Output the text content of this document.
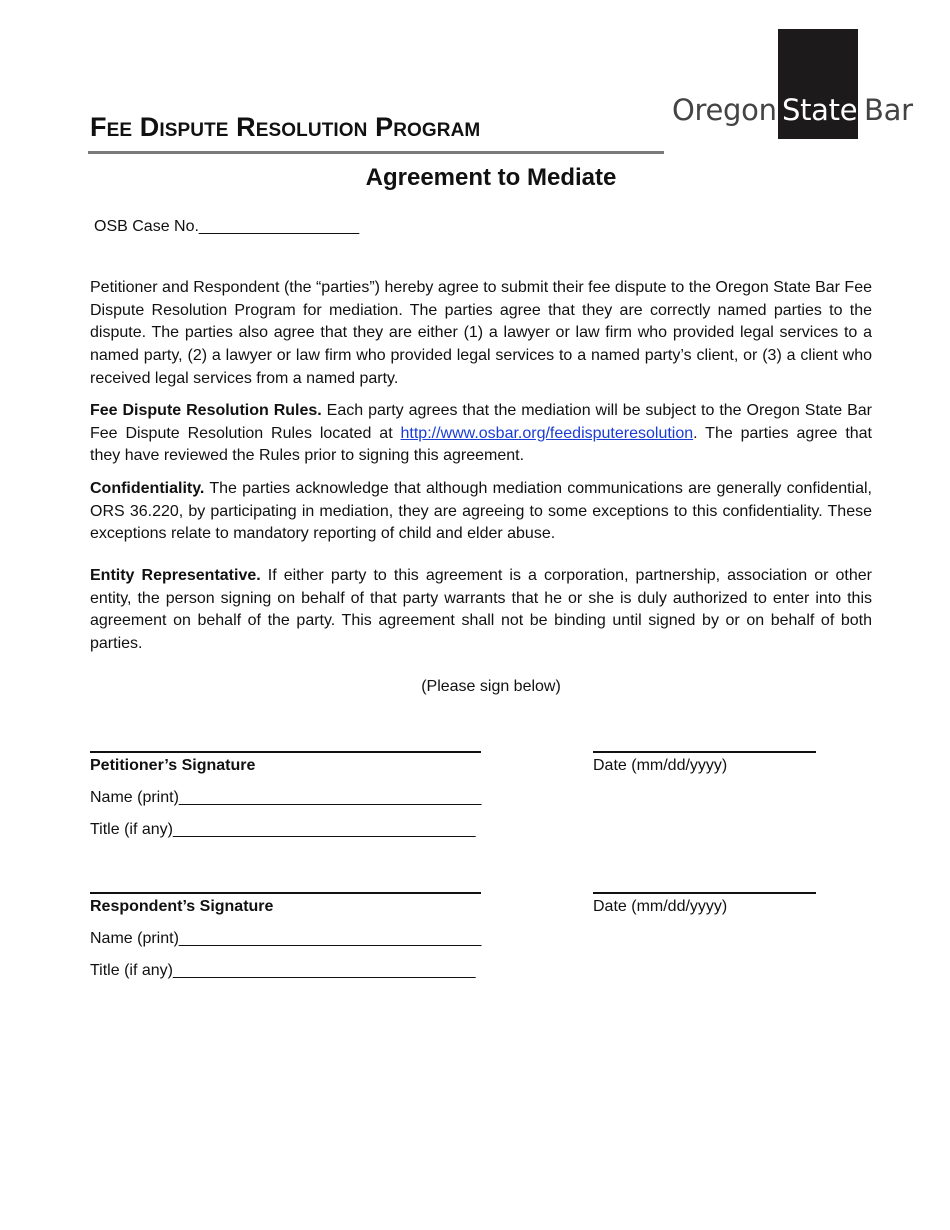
Fee Dispute Resolution Program	Oregon State Bar
Agreement to Mediate
OSB Case No.__________________
Petitioner and Respondent (the “parties”) hereby agree to submit their fee dispute to the Oregon State Bar Fee Dispute Resolution Program for mediation. The parties agree that they are correctly named parties to the dispute. The parties also agree that they are either (1) a lawyer or law firm who provided legal services to a named party, (2) a lawyer or law firm who provided legal services to a named party’s client, or (3) a client who received legal services from a named party.
Fee Dispute Resolution Rules. Each party agrees that the mediation will be subject to the Oregon State Bar Fee Dispute Resolution Rules located at http://www.osbar.org/feedisputeresolution. The parties agree that they have reviewed the Rules prior to signing this agreement.
Confidentiality. The parties acknowledge that although mediation communications are generally confidential, ORS 36.220, by participating in mediation, they are agreeing to some exceptions to this confidentiality. These exceptions relate to mandatory reporting of child and elder abuse.
Entity Representative. If either party to this agreement is a corporation, partnership, association or other entity, the person signing on behalf of that party warrants that he or she is duly authorized to enter into this agreement on behalf of the party. This agreement shall not be binding until signed by or on behalf of both parties.
(Please sign below)
Petitioner’s Signature	Date (mm/dd/yyyy)
Name (print)__________________________________
Title (if any)__________________________________
Respondent’s Signature	Date (mm/dd/yyyy)
Name (print)__________________________________
Title (if any)__________________________________
